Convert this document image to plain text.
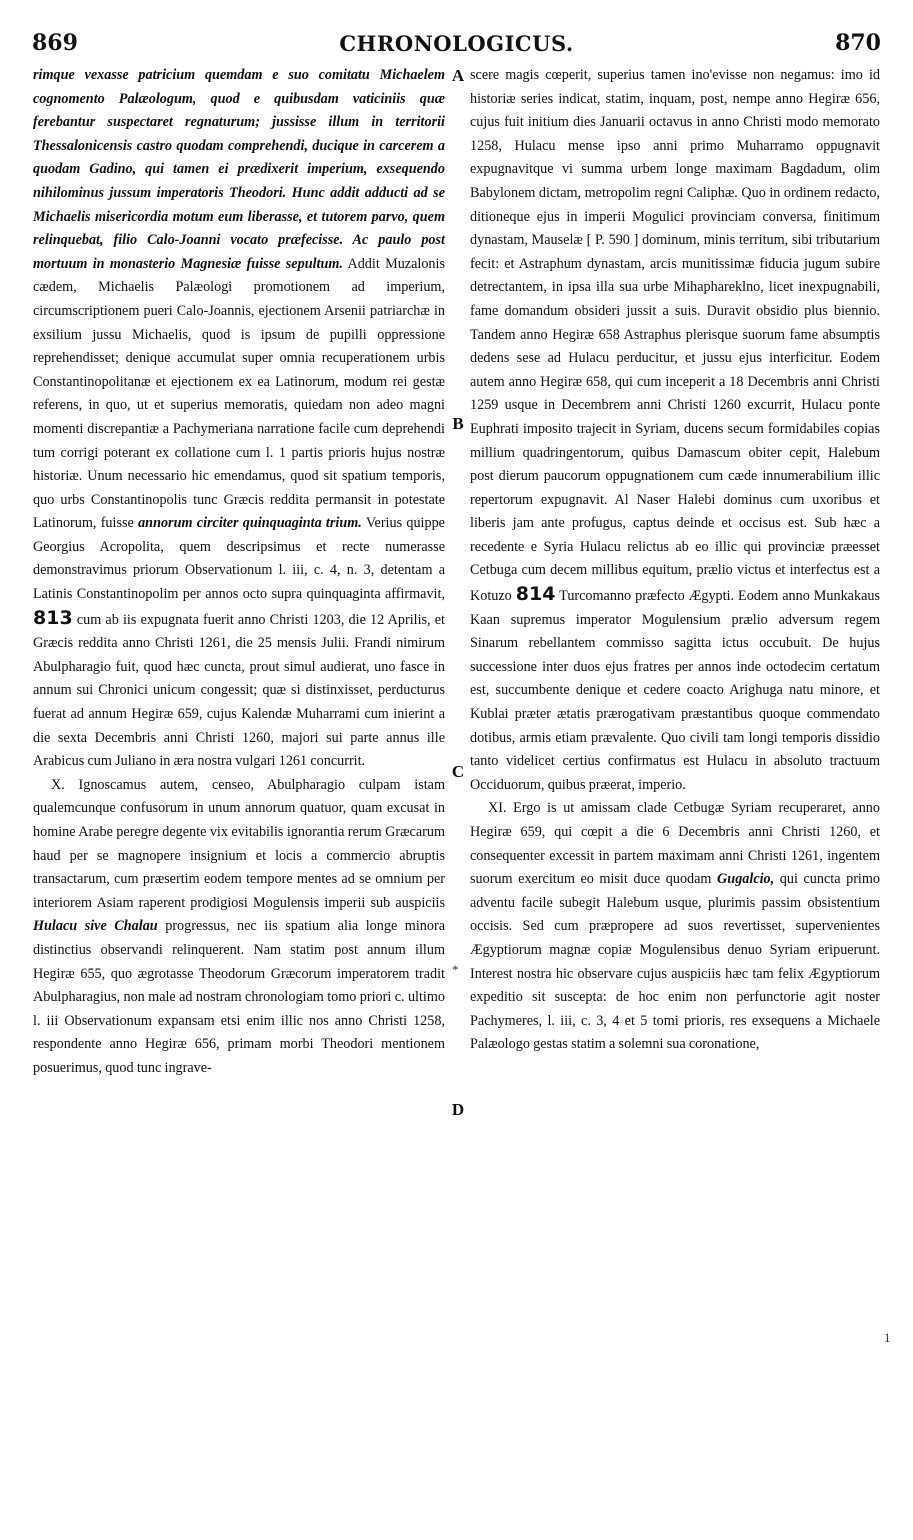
869	CHRONOLOGICUS.	870

rimque vexasse patricium quemdam e suo comitatu Michaelem cognomento Palæologum, quod e quibusdam vaticiniis quæ ferebantur suspectaret regnaturum; jussisse illum in territorii Thessalonicensis castro quodam comprehendi, ducique in carcerem a quodam Gadino, qui tamen ei prædixerit imperium, exsequendo nihilominus jussum imperatoris Theodori. Hunc addit adducti ad se Michaelis misericordia motum eum liberasse, et tutorem parvo, quem relinquebat, filio Calo-Joanni vocato præfecisse. Ac paulo post mortuum in monasterio Magnesiæ fuisse sepultum. Addit Muzalonis cædem, Michaelis Palæologi promotionem ad imperium, circumscriptionem pueri Calo-Joannis, ejectionem Arsenii patriarchæ in exsilium jussu Michaelis, quod is ipsum de pupilli oppressione reprehendisset; denique accumulat super omnia recuperationem urbis Constantinopolitanæ et ejectionem ex ea Latinorum, modum rei gestæ referens, in quo, ut et superius memoratis, quiedam non adeo magni momenti discrepantiæ a Pachymeriana narratione facile cum deprehendi tum corrigi poterant ex collatione cum l. 1 partis prioris hujus nostræ historiæ. Unum necessario hic emendamus, quod sit spatium temporis, quo urbs Constantinopolis tunc Græcis reddita permansit in potestate Latinorum, fuisse annorum circiter quinquaginta trium. Verius quippe Georgius Acropolita, quem descripsimus et recte numerasse demonstravimus priorum Observationum l. iii, c. 4, n. 3, detentam a Latinis Constantinopolim per annos octo supra quinquaginta affirmavit, 813 cum ab iis expugnata fuerit anno Christi 1203, die 12 Aprilis, et Græcis reddita anno Christi 1261, die 25 mensis Julii. Frandi nimirum Abulpharagio fuit, quod hæc cuncta, prout simul audierat, uno fasce in annum sui Chronici unicum congessit; quæ si distinxisset, perducturus fuerat ad annum Hegiræ 659, cujus Kalendæ Muharrami cum inierint a die sexta Decembris anni Christi 1260, majori sui parte annus ille Arabicus cum Juliano in æra nostra vulgari 1261 concurrit.

X. Ignoscamus autem, censeo, Abulpharagio culpam istam qualemcunque confusorum in unum annorum quatuor, quam excusat in homine Arabe peregre degente vix evitabilis ignorantia rerum Græcarum haud per se magnopere insignium et locis a commercio abruptis transactarum, cum præsertim eodem tempore mentes ad se omnium per interiorem Asiam raperent prodigiosi Mogulensis imperii sub auspiciis Hulacu sive Chalau progressus, nec iis spatium alia longe minora distinctius observandi relinquerent. Nam statim post annum illum Hegiræ 655, quo ægrotasse Theodorum Græcorum imperatorem tradit Abulpharagius, non male ad nostram chronologiam tomo priori c. ultimo l. iii Observationum expansam etsi enim illic nos anno Christi 1258, respondente anno Hegiræ 656, primam morbi Theodori mentionem posuerimus, quod tunc ingrave-

scere magis cœperit, superius tamen ino'evisse non negamus: imo id historiæ series indicat, statim, inquam, post, nempe anno Hegiræ 656, cujus fuit initium dies Januarii octavus in anno Christi modo memorato 1258, Hulacu mense ipso anni primo Muharramo oppugnavit expugnavitque vi summa urbem longe maximam Bagdadum, olim Babylonem dictam, metropolim regni Caliphæ. Quo in ordinem redacto, ditioneque ejus in imperii Mogulici provinciam conversa, finitimum dynastam, Mauselæ [ P. 590 ] dominum, minis territum, sibi tributarium fecit: et Astraphum dynastam, arcis munitissimæ fiducia jugum subire detrectantem, in ipsa illa sua urbe Mihaphareklno, licet inexpugnabili, fame domandum obsideri jussit a suis. Duravit obsidio plus biennio. Tandem anno Hegiræ 658 Astraphus plerisque suorum fame absumptis dedens sese ad Hulacu perducitur, et jussu ejus interficitur. Eodem autem anno Hegiræ 658, qui cum inceperit a 18 Decembris anni Christi 1259 usque in Decembrem anni Christi 1260 excurrit, Hulacu ponte Euphrati imposito trajecit in Syriam, ducens secum formidabiles copias millium quadringentorum, quibus Damascum obiter cepit, Halebum post dierum paucorum oppugnationem cum cæde innumerabilium illic repertorum expugnavit. Al Naser Halebi dominus cum uxoribus et liberis jam ante profugus, captus deinde et occisus est. Sub hæc a recedente e Syria Hulacu relictus ab eo illic qui provinciæ præesset Cetbuga cum decem millibus equitum, prælio victus et interfectus est a Kotuzo 814 Turcomanno præfecto Ægypti. Eodem anno Munkakaus Kaan supremus imperator Mogulensium prælio adversum regem Sinarum rebellantem commisso sagitta ictus occubuit. De hujus successione inter duos ejus fratres per annos inde octodecim certatum est, succumbente denique et cedere coacto Arighuga natu minore, et Kublai præter ætatis prærogativam præstantibus quoque commendato dotibus, armis etiam prævalente. Quo civili tam longi temporis dissidio tanto videlicet certius confirmatus est Hulacu in absoluto tractuum Occiduorum, quibus præerat, imperio.

XI. Ergo is ut amissam clade Cetbugæ Syriam recuperaret, anno Hegiræ 659, qui cœpit a die 6 Decembris anni Christi 1260, et consequenter excessit in partem maximam anni Christi 1261, ingentem suorum exercitum eo misit duce quodam Gugalcio, qui cuncta primo adventu facile subegit Halebum usque, plurimis passim obsistentium occisis. Sed cum præpropere ad suos revertisset, supervenientes Ægyptiorum magnæ copiæ Mogulensibus denuo Syriam eripuerunt. Interest nostra hic observare cujus auspiciis hæc tam felix Ægyptiorum expeditio sit suscepta: de hoc enim non perfunctorie agit noster Pachymeres, l. iii, c. 3, 4 et 5 tomi prioris, res exsequens a Michaele Palæologo gestas statim a solemni sua coronatione,

A
B
C
D
*
1
